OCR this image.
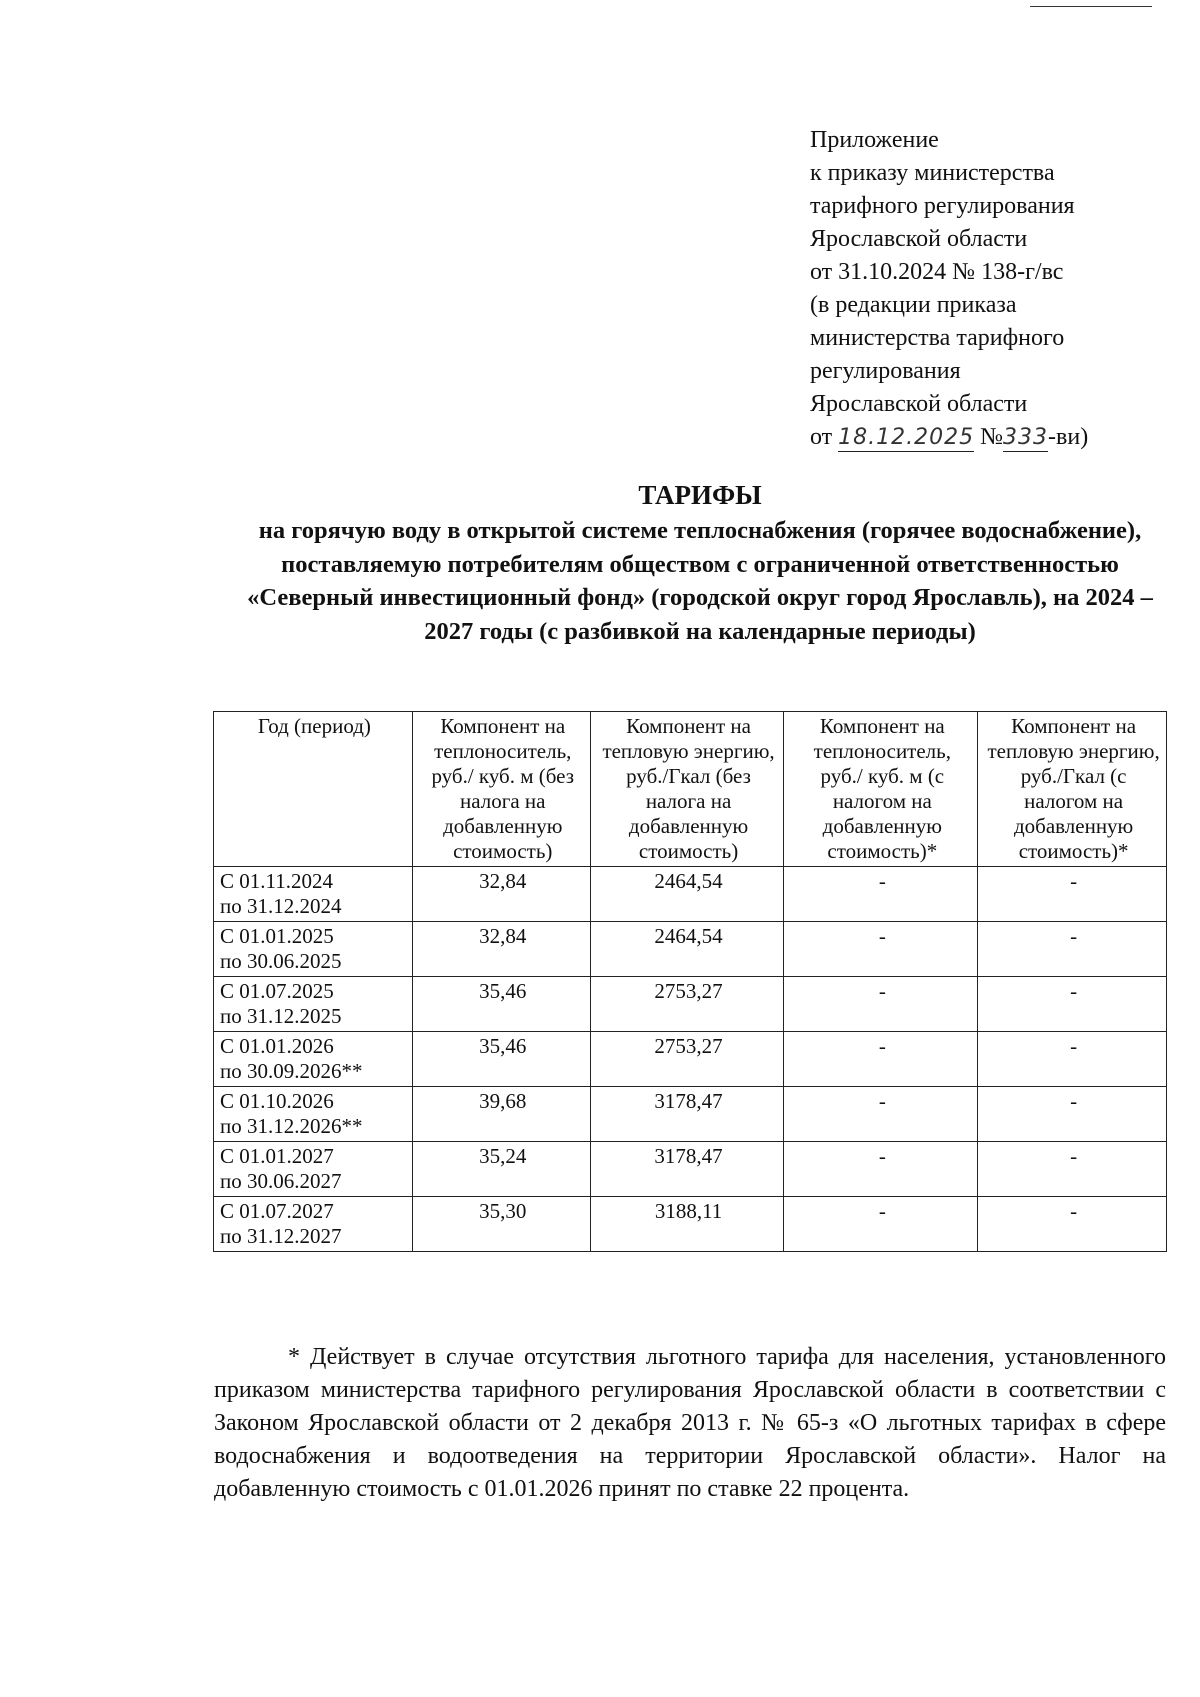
Приложение
к приказу министерства
тарифного регулирования
Ярославской области
от 31.10.2024 № 138-г/вс
(в редакции приказа
министерства тарифного
регулирования
Ярославской области
от 18.12.2025 №333-ви)
ТАРИФЫ
на горячую воду в открытой системе теплоснабжения (горячее водоснабжение), поставляемую потребителям обществом с ограниченной ответственностью «Северный инвестиционный фонд» (городской округ город Ярославль), на 2024 – 2027 годы (с разбивкой на календарные периоды)
Год (период)	Компонент на теплоноситель, руб./ куб. м (без налога на добавленную стоимость)	Компонент на тепловую энергию, руб./Гкал (без налога на добавленную стоимость)	Компонент на теплоноситель, руб./ куб. м (с налогом на добавленную стоимость)*	Компонент на тепловую энергию, руб./Гкал (с налогом на добавленную стоимость)*

С 01.11.2024
по 31.12.2024	32,84	2464,54	-	-

С 01.01.2025
по 30.06.2025	32,84	2464,54	-	-

С 01.07.2025
по 31.12.2025	35,46	2753,27	-	-

С 01.01.2026
по 30.09.2026**	35,46	2753,27	-	-

С 01.10.2026
по 31.12.2026**	39,68	3178,47	-	-

С 01.01.2027
по 30.06.2027	35,24	3178,47	-	-

С 01.07.2027
по 31.12.2027	35,30	3188,11	-	-

* Действует в случае отсутствия льготного тарифа для населения, установленного приказом министерства тарифного регулирования Ярославской области в соответствии с Законом Ярославской области от 2 декабря 2013 г. № 65-з «О льготных тарифах в сфере водоснабжения и водоотведения на территории Ярославской области». Налог на добавленную стоимость с 01.01.2026 принят по ставке 22 процента.
